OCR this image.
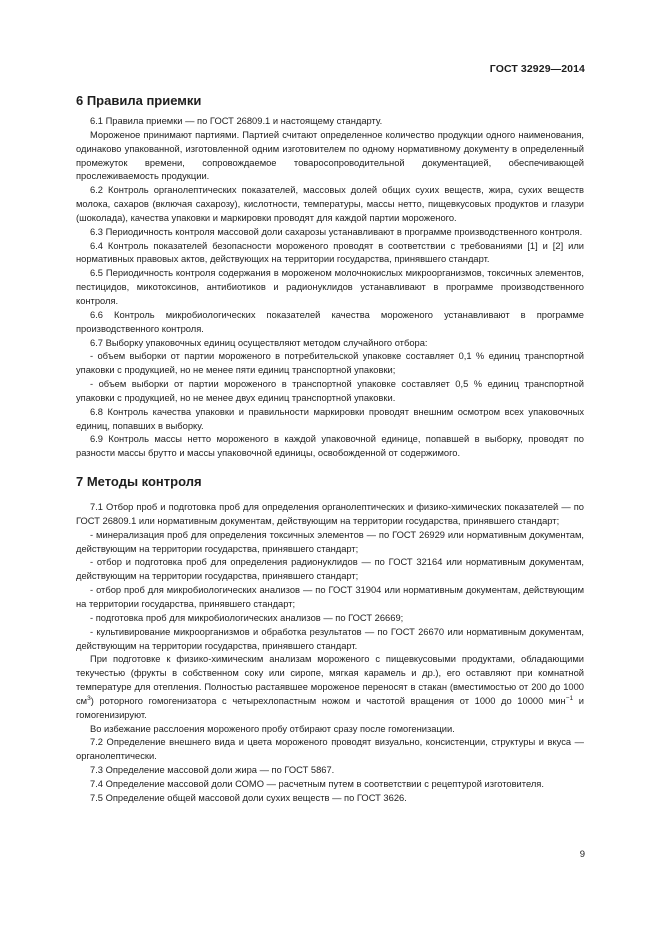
ГОСТ 32929—2014
6 Правила приемки

6.1 Правила приемки — по ГОСТ 26809.1 и настоящему стандарту.

Мороженое принимают партиями. Партией считают определенное количество продукции одного наименования, одинаково упакованной, изготовленной одним изготовителем по одному нормативному документу в определенный промежуток времени, сопровождаемое товаросопроводительной документацией, обеспечивающей прослеживаемость продукции.

6.2 Контроль органолептических показателей, массовых долей общих сухих веществ, жира, сухих веществ молока, сахаров (включая сахарозу), кислотности, температуры, массы нетто, пищевкусовых продуктов и глазури (шоколада), качества упаковки и маркировки проводят для каждой партии мороженого.

6.3 Периодичность контроля массовой доли сахарозы устанавливают в программе производственного контроля.

6.4 Контроль показателей безопасности мороженого проводят в соответствии с требованиями [1] и [2] или нормативных правовых актов, действующих на территории государства, принявшего стандарт.

6.5 Периодичность контроля содержания в мороженом молочнокислых микроорганизмов, токсичных элементов, пестицидов, микотоксинов, антибиотиков и радионуклидов устанавливают в программе производственного контроля.

6.6 Контроль микробиологических показателей качества мороженого устанавливают в программе производственного контроля.

6.7 Выборку упаковочных единиц осуществляют методом случайного отбора:

- объем выборки от партии мороженого в потребительской упаковке составляет 0,1 % единиц транспортной упаковки с продукцией, но не менее пяти единиц транспортной упаковки;

- объем выборки от партии мороженого в транспортной упаковке составляет 0,5 % единиц транспортной упаковки с продукцией, но не менее двух единиц транспортной упаковки.

6.8 Контроль качества упаковки и правильности маркировки проводят внешним осмотром всех упаковочных единиц, попавших в выборку.

6.9 Контроль массы нетто мороженого в каждой упаковочной единице, попавшей в выборку, проводят по разности массы брутто и массы упаковочной единицы, освобожденной от содержимого.

7 Методы контроля

7.1 Отбор проб и подготовка проб для определения органолептических и физико-химических показателей — по ГОСТ 26809.1 или нормативным документам, действующим на территории государства, принявшего стандарт;

- минерализация проб для определения токсичных элементов — по ГОСТ 26929 или нормативным документам, действующим на территории государства, принявшего стандарт;

- отбор и подготовка проб для определения радионуклидов — по ГОСТ 32164 или нормативным документам, действующим на территории государства, принявшего стандарт;

- отбор проб для микробиологических анализов — по ГОСТ 31904 или нормативным документам, действующим на территории государства, принявшего стандарт;

- подготовка проб для микробиологических анализов — по ГОСТ 26669;

- культивирование микроорганизмов и обработка результатов — по ГОСТ 26670 или нормативным документам, действующим на территории государства, принявшего стандарт.

При подготовке к физико-химическим анализам мороженого с пищевкусовыми продуктами, обладающими текучестью (фрукты в собственном соку или сиропе, мягкая карамель и др.), его оставляют при комнатной температуре для отепления. Полностью растаявшее мороженое переносят в стакан (вместимостью от 200 до 1000 $см^3$) роторного гомогенизатора с четырехлопастным ножом и частотой вращения от 1000 до 10000 мин$^{-1}$ и гомогенизируют.

Во избежание расслоения мороженого пробу отбирают сразу после гомогенизации.

7.2 Определение внешнего вида и цвета мороженого проводят визуально, консистенции, структуры и вкуса — органолептически.

7.3 Определение массовой доли жира — по ГОСТ 5867.

7.4 Определение массовой доли СОМО — расчетным путем в соответствии с рецептурой изготовителя.

7.5 Определение общей массовой доли сухих веществ — по ГОСТ 3626.

9
